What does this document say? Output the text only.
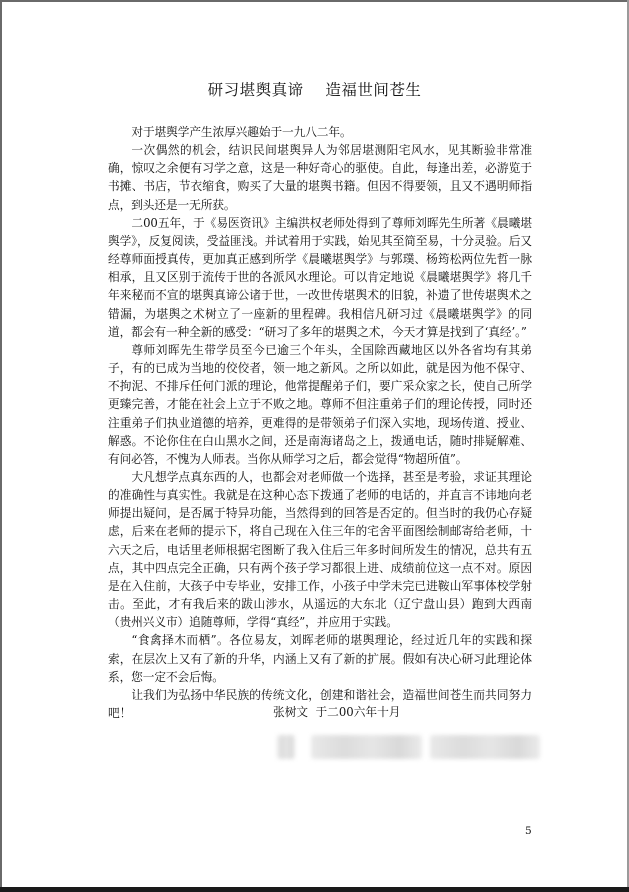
研习堪舆真谛    造福世间苍生

对于堪舆学产生浓厚兴趣始于一九八二年。

一次偶然的机会，结识民间堪舆异人为邻居堪测阳宅风水，见其断验非常准确，惊叹之余便有习学之意，这是一种好奇心的驱使。自此，每逢出差，必游览于书摊、书店，节衣缩食，购买了大量的堪舆书籍。但因不得要领，且又不遇明师指点，到头还是一无所获。

二00五年，于《易医资讯》主编洪权老师处得到了尊师刘晖先生所著《晨曦堪舆学》，反复阅读，受益匪浅。并试着用于实践，始见其至简至易，十分灵验。后又经尊师面授真传，更加真正感到所学《晨曦堪舆学》与郭璞、杨筠松两位先哲一脉相承，且又区别于流传于世的各派风水理论。可以肯定地说《晨曦堪舆学》将几千年来秘而不宣的堪舆真谛公诸于世，一改世传堪舆术的旧貌，补遗了世传堪舆术之错漏，为堪舆之术树立了一座新的里程碑。我相信凡研习过《晨曦堪舆学》的同道，都会有一种全新的感受：“研习了多年的堪舆之术，今天才算是找到了‘真经’。”

尊师刘晖先生带学员至今已逾三个年头，全国除西藏地区以外各省均有其弟子，有的已成为当地的佼佼者，领一地之新风。之所以如此，就是因为他不保守、不拘泥、不排斥任何门派的理论，他常提醒弟子们，要广采众家之长，使自己所学更臻完善，才能在社会上立于不败之地。尊师不但注重弟子们的理论传授，同时还注重弟子们执业道德的培养，更难得的是带领弟子们深入实地，现场传道、授业、解惑。不论你住在白山黑水之间，还是南海诸岛之上，拨通电话，随时排疑解难、有问必答，不愧为人师表。当你从师学习之后，都会觉得“物超所值”。

大凡想学点真东西的人，也都会对老师做一个选择，甚至是考验，求证其理论的准确性与真实性。我就是在这种心态下拨通了老师的电话的，并直言不讳地向老师提出疑问，是否属于特异功能，当然得到的回答是否定的。但当时的我仍心存疑虑，后来在老师的提示下，将自己现在入住三年的宅舍平面图绘制邮寄给老师，十六天之后，电话里老师根据宅图断了我入住后三年多时间所发生的情况，总共有五点，其中四点完全正确，只有两个孩子学习都很上进、成绩前位这一点不对。原因是在入住前，大孩子中专毕业，安排工作，小孩子中学未完已进鞍山军事体校学射击。至此，才有我后来的跋山涉水，从遥远的大东北（辽宁盘山县）跑到大西南（贵州兴义市）追随尊师，学得“真经”，并应用于实践。

“食禽择木而栖”。各位易友，刘晖老师的堪舆理论，经过近几年的实践和探索，在层次上又有了新的升华，内涵上又有了新的扩展。假如有决心研习此理论体系，您一定不会后悔。

让我们为弘扬中华民族的传统文化，创建和谐社会，造福世间苍生而共同努力吧！	张树文  于二00六年十月
5
